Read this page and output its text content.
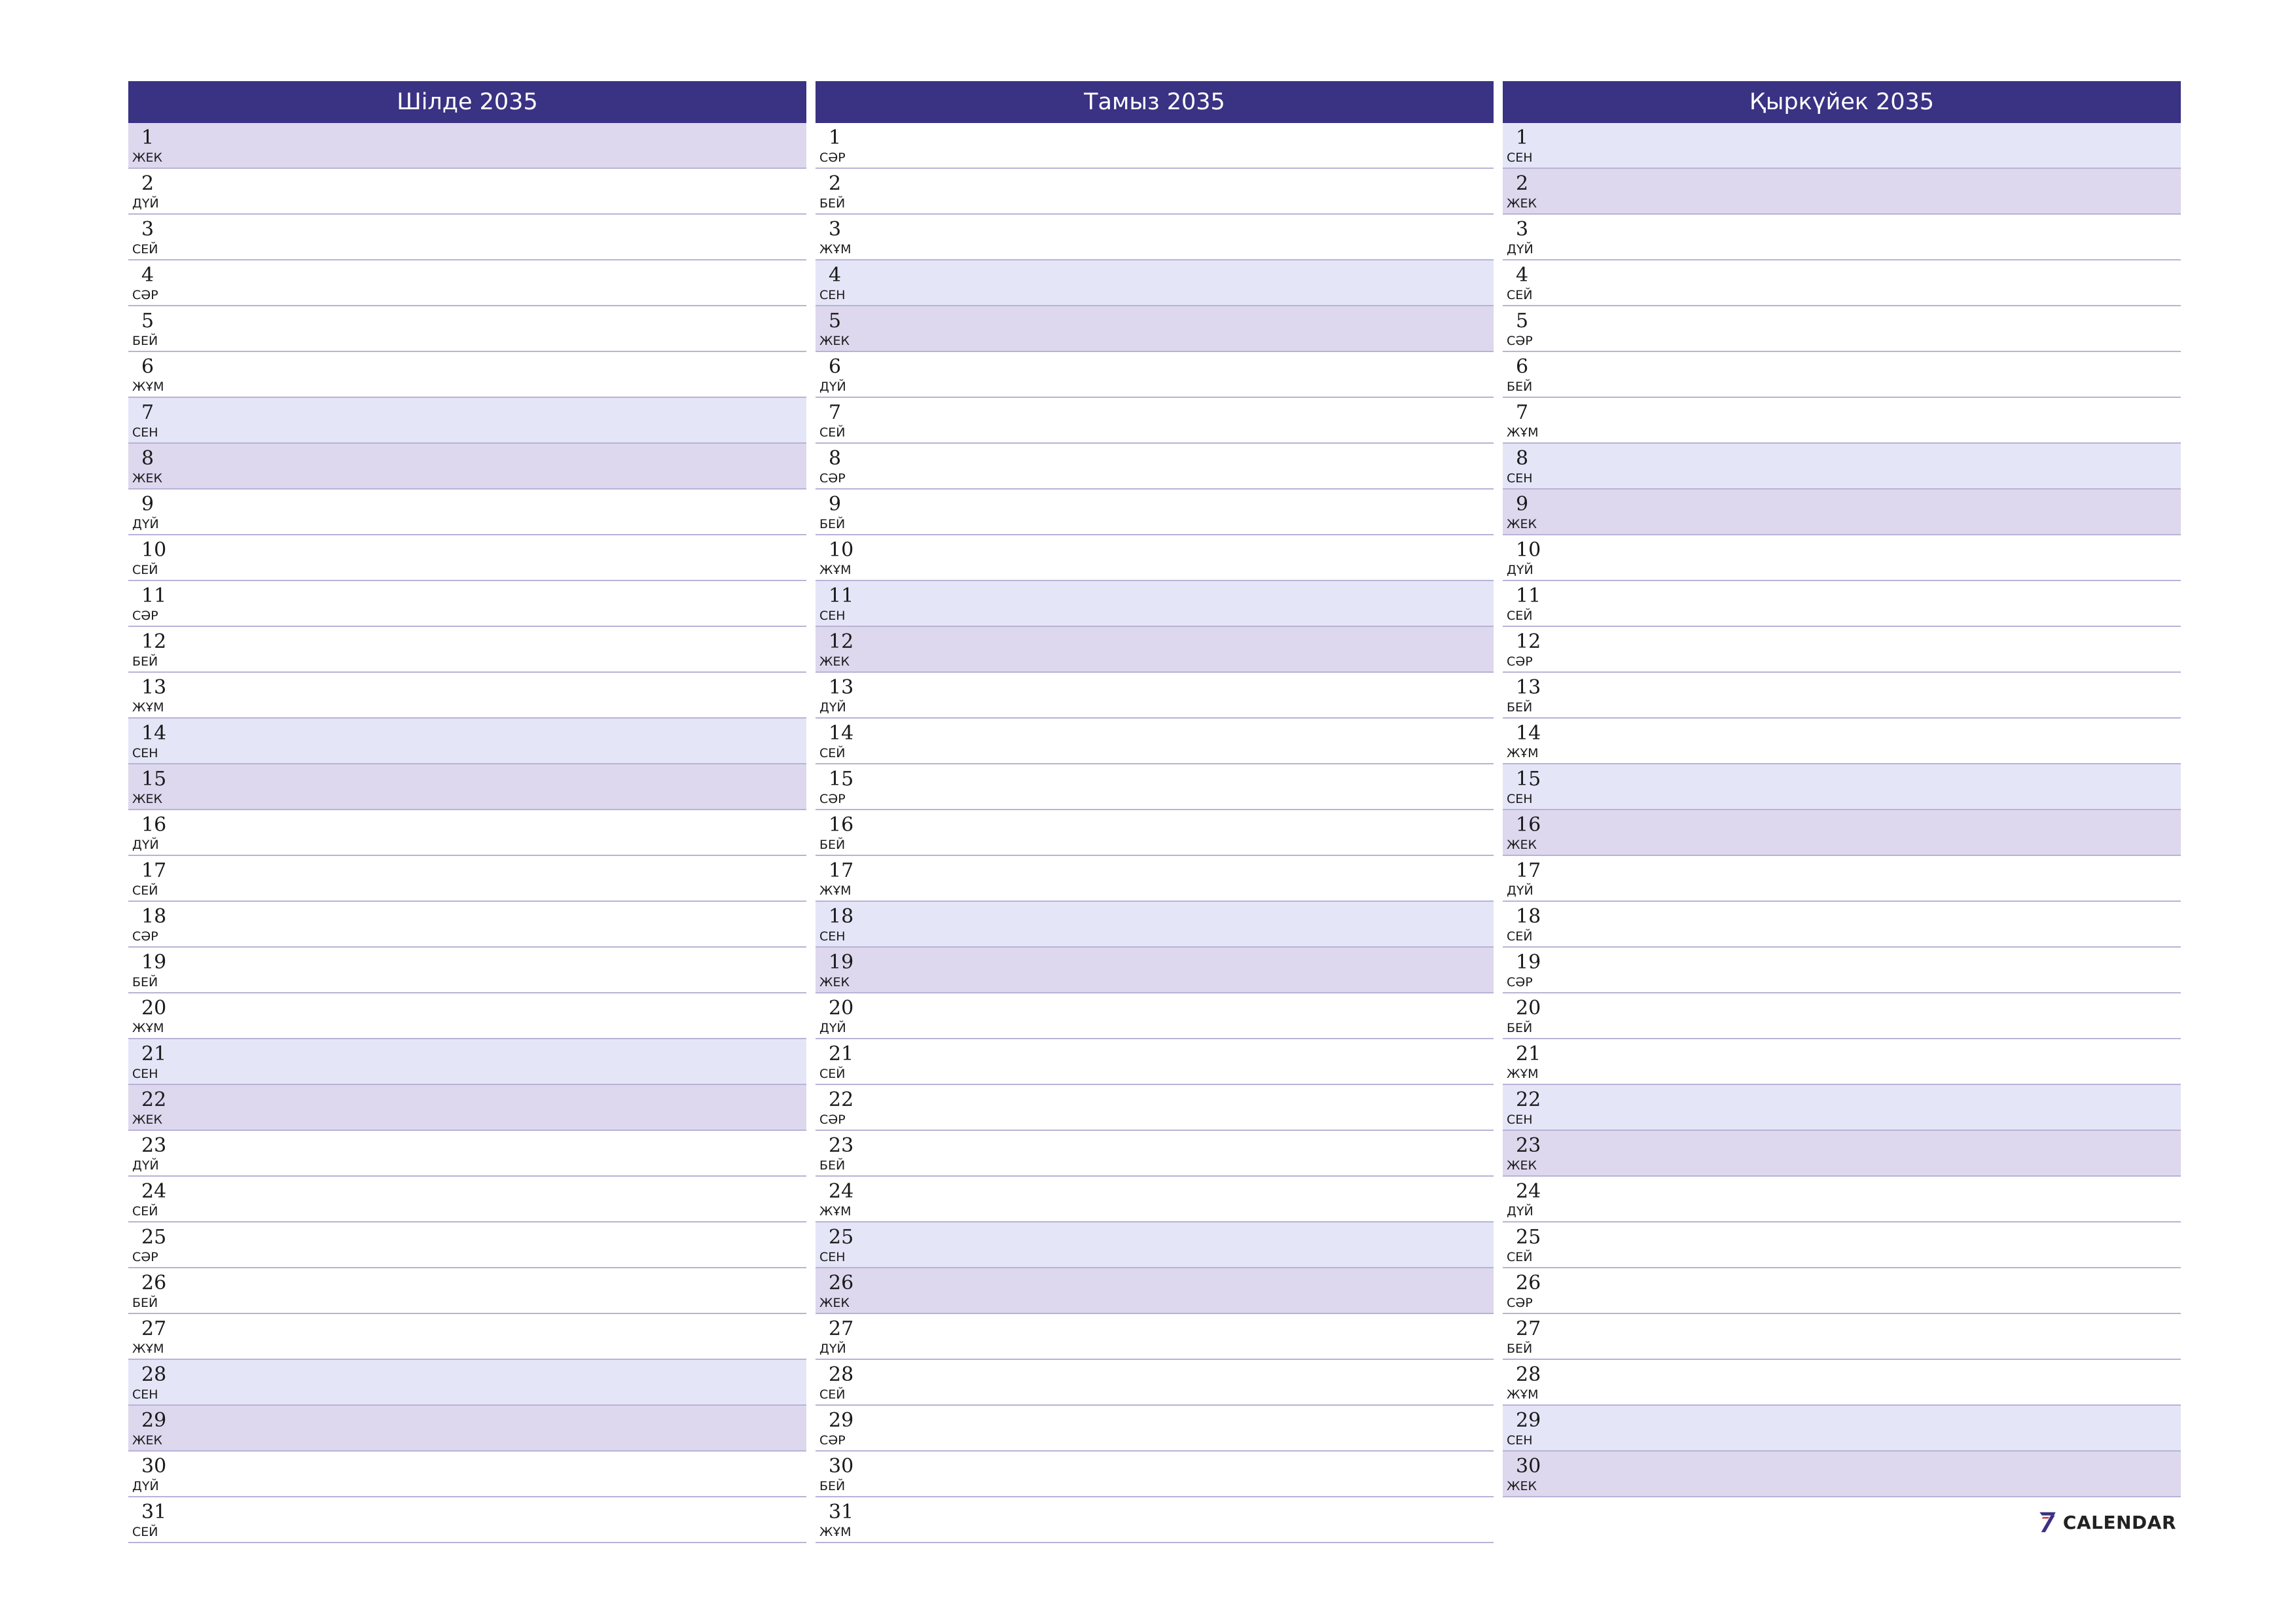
Шілде 2035
1
ЖЕК
2
ДҮЙ
3
СЕЙ
4
СӘР
5
БЕЙ
6
ЖҰМ
7
СЕН
8
ЖЕК
9
ДҮЙ
10
СЕЙ
11
СӘР
12
БЕЙ
13
ЖҰМ
14
СЕН
15
ЖЕК
16
ДҮЙ
17
СЕЙ
18
СӘР
19
БЕЙ
20
ЖҰМ
21
СЕН
22
ЖЕК
23
ДҮЙ
24
СЕЙ
25
СӘР
26
БЕЙ
27
ЖҰМ
28
СЕН
29
ЖЕК
30
ДҮЙ
31
СЕЙ
Тамыз 2035
1
СӘР
2
БЕЙ
3
ЖҰМ
4
СЕН
5
ЖЕК
6
ДҮЙ
7
СЕЙ
8
СӘР
9
БЕЙ
10
ЖҰМ
11
СЕН
12
ЖЕК
13
ДҮЙ
14
СЕЙ
15
СӘР
16
БЕЙ
17
ЖҰМ
18
СЕН
19
ЖЕК
20
ДҮЙ
21
СЕЙ
22
СӘР
23
БЕЙ
24
ЖҰМ
25
СЕН
26
ЖЕК
27
ДҮЙ
28
СЕЙ
29
СӘР
30
БЕЙ
31
ЖҰМ
Қыркүйек 2035
1
СЕН
2
ЖЕК
3
ДҮЙ
4
СЕЙ
5
СӘР
6
БЕЙ
7
ЖҰМ
8
СЕН
9
ЖЕК
10
ДҮЙ
11
СЕЙ
12
СӘР
13
БЕЙ
14
ЖҰМ
15
СЕН
16
ЖЕК
17
ДҮЙ
18
СЕЙ
19
СӘР
20
БЕЙ
21
ЖҰМ
22
СЕН
23
ЖЕК
24
ДҮЙ
25
СЕЙ
26
СӘР
27
БЕЙ
28
ЖҰМ
29
СЕН
30
ЖЕК
CALENDAR
